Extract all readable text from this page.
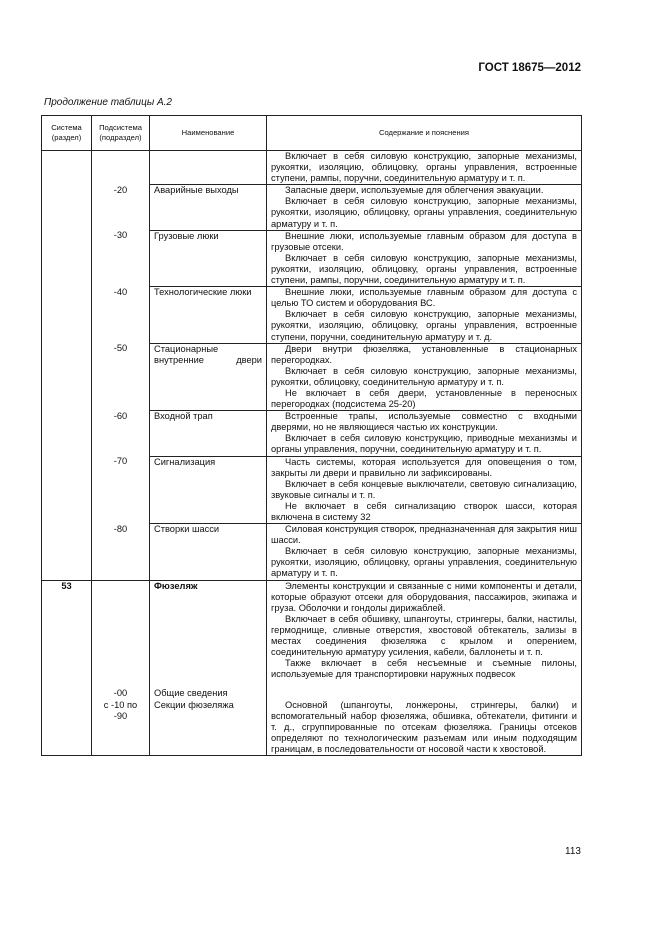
ГОСТ 18675—2012
Продолжение таблицы А.2
Система (раздел)	Подсистема (подраздел)	Наименование	Содержание и пояснения

			Включает в себя силовую конструкцию, запорные механизмы, рукоятки, изоляцию, облицовку, органы управления, встроенные ступени, рампы, поручни, соединительную арматуру и т. п.

	-20	Аварийные выходы	Запасные двери, используемые для облегчения эвакуации.
Включает в себя силовую конструкцию, запорные механизмы, рукоятки, изоляцию, облицовку, органы управления, соединительную арматуру и т. п.

	-30	Грузовые люки	Внешние люки, используемые главным образом для доступа в грузовые отсеки.
Включает в себя силовую конструкцию, запорные механизмы, рукоятки, изоляцию, облицовку, органы управления, встроенные ступени, рампы, поручни, соединительную арматуру и т. п.

	-40	Технологические люки	Внешние люки, используемые главным образом для доступа с целью ТО систем и оборудования ВС.
Включает в себя силовую конструкцию, запорные механизмы, рукоятки, изоляцию, облицовку, органы управления, встроенные ступени, поручни, соединительную арматуру и т. д.

	-50	Стационарные внутренние двери	Двери внутри фюзеляжа, установленные в стационарных перегородках.
Включает в себя силовую конструкцию, запорные механизмы, рукоятки, облицовку, соединительную арматуру и т. п.
Не включает в себя двери, установленные в переносных перегородках (подсистема 25-20)

	-60	Входной трап	Встроенные трапы, используемые совместно с входными дверями, но не являющиеся частью их конструкции.
Включает в себя силовую конструкцию, приводные механизмы и органы управления, поручни, соединительную арматуру и т. п.

	-70	Сигнализация	Часть системы, которая используется для оповещения о том, закрыты ли двери и правильно ли зафиксированы.
Включает в себя концевые выключатели, световую сигнализацию, звуковые сигналы и т. п.
Не включает в себя сигнализацию створок шасси, которая включена в систему 32

	-80	Створки шасси	Силовая конструкция створок, предназначенная для закрытия ниш шасси.
Включает в себя силовую конструкцию, запорные механизмы, рукоятки, изоляцию, облицовку, органы управления, соединительную арматуру и т. п.

53		Фюзеляж	Элементы конструкции и связанные с ними компоненты и детали, которые образуют отсеки для оборудования, пассажиров, экипажа и груза. Оболочки и гондолы дирижаблей.
Включает в себя обшивку, шпангоуты, стрингеры, балки, настилы, гермоднище, сливные отверстия, хвостовой обтекатель, зализы в местах соединения фюзеляжа с крылом и оперением, соединительную арматуру усиления, кабели, баллонеты и т. п.
Также включает в себя несъемные и съемные пилоны, используемые для транспортировки наружных подвесок

	-00	Общие сведения	
	с -10 по -90	Секции фюзеляжа	Основной (шпангоуты, лонжероны, стрингеры, балки) и вспомогательный набор фюзеляжа, обшивка, обтекатели, фитинги и т. д., сгруппированные по отсекам фюзеляжа. Границы отсеков определяют по технологическим разъемам или иным подходящим границам, в последовательности от носовой части к хвостовой.
113
